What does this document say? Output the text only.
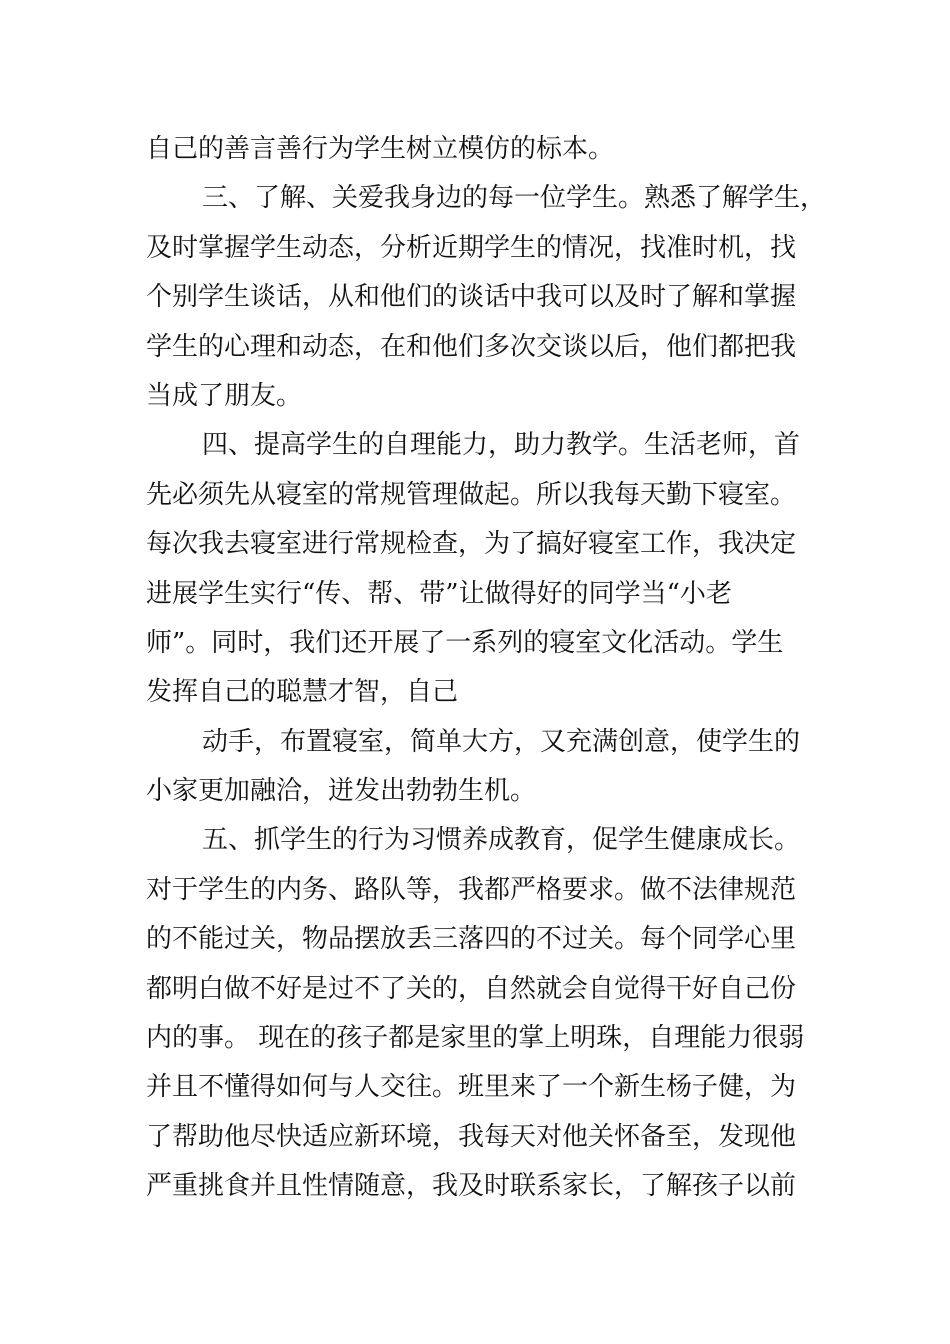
自己的善言善行为学生树立模仿的标本。
三、了解、关爱我身边的每一位学生。熟悉了解学生，
及时掌握学生动态，分析近期学生的情况，找准时机，找
个别学生谈话，从和他们的谈话中我可以及时了解和掌握
学生的心理和动态，在和他们多次交谈以后，他们都把我
当成了朋友。
四、提高学生的自理能力，助力教学。生活老师，首
先必须先从寝室的常规管理做起。所以我每天勤下寝室。
每次我去寝室进行常规检查，为了搞好寝室工作，我决定
进展学生实行“传、帮、带”让做得好的同学当“小老
师”。同时，我们还开展了一系列的寝室文化活动。学生
发挥自己的聪慧才智，自己
动手，布置寝室，简单大方，又充满创意，使学生的
小家更加融洽，迸发出勃勃生机。
五、抓学生的行为习惯养成教育，促学生健康成长。
对于学生的内务、路队等，我都严格要求。做不法律规范
的不能过关，物品摆放丢三落四的不过关。每个同学心里
都明白做不好是过不了关的，自然就会自觉得干好自己份
内的事。 现在的孩子都是家里的掌上明珠，自理能力很弱
并且不懂得如何与人交往。班里来了一个新生杨子健，为
了帮助他尽快适应新环境，我每天对他关怀备至，发现他
严重挑食并且性情随意，我及时联系家长，了解孩子以前
